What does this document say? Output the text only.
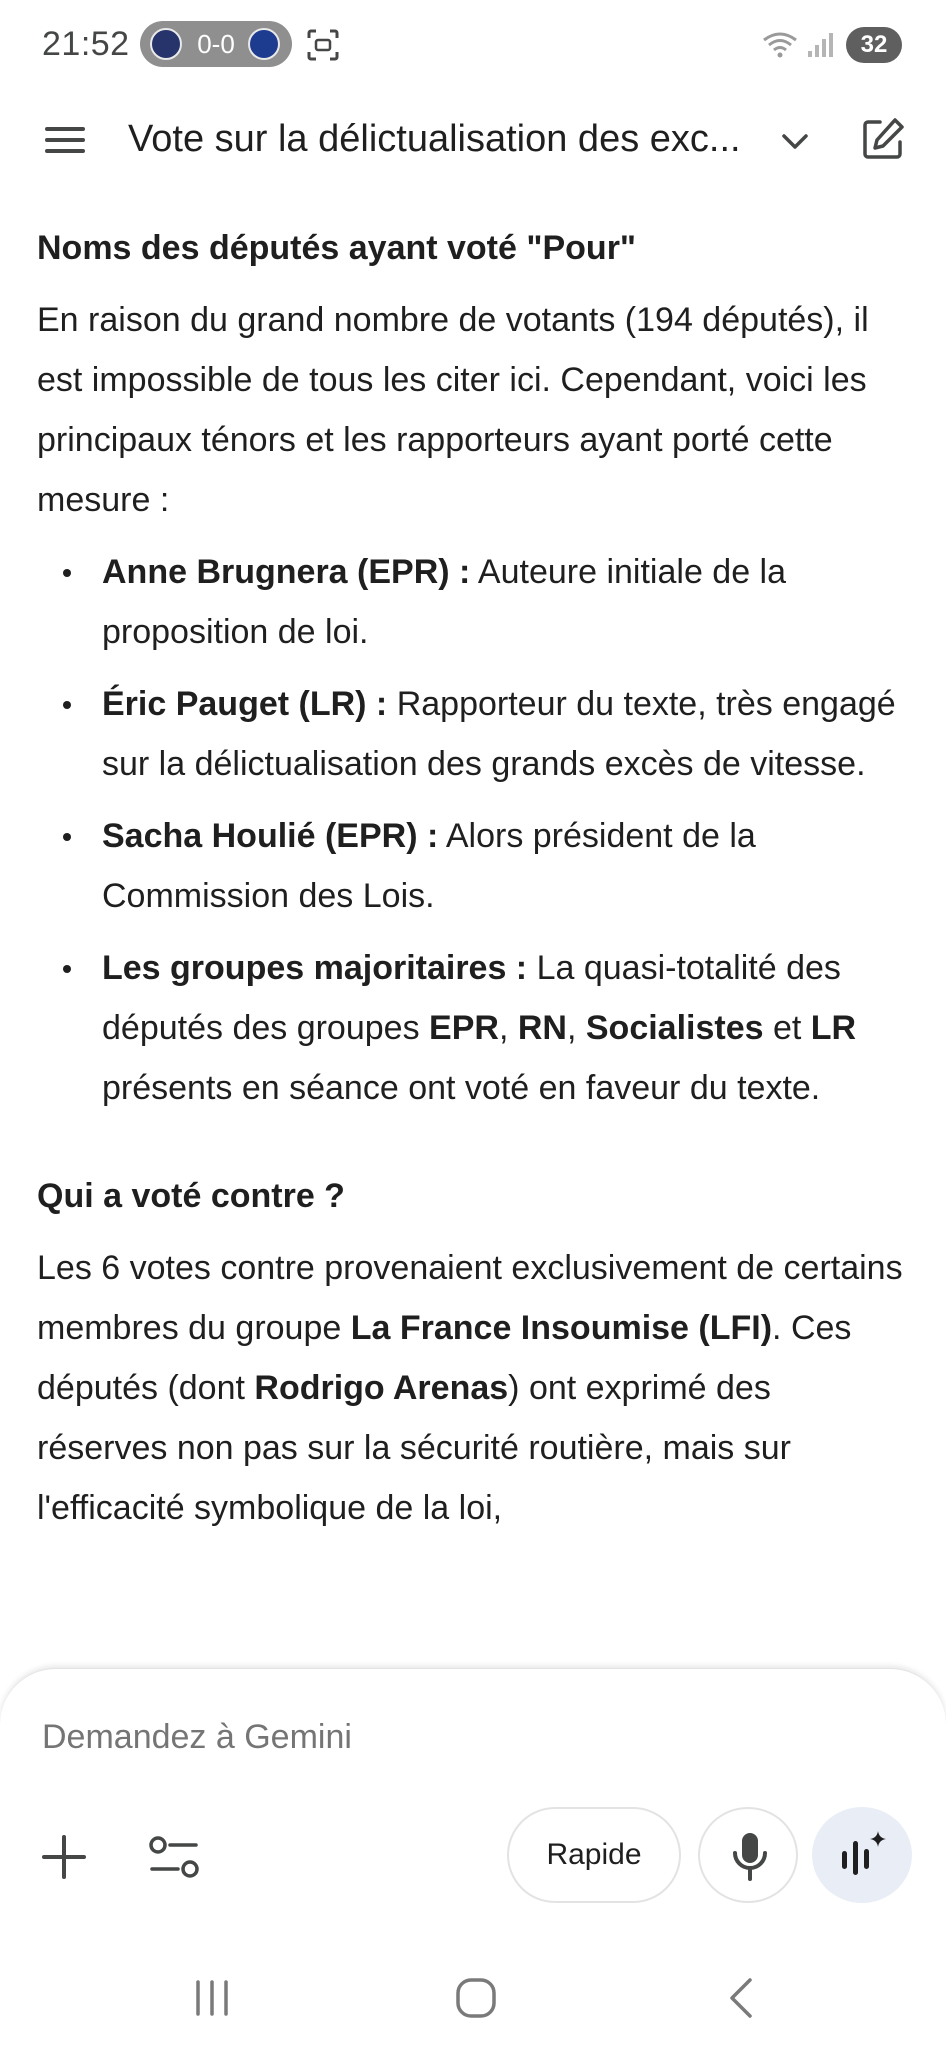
21:52	0-0	32
Vote sur la délictualisation des exc...

Noms des députés ayant voté "Pour"

En raison du grand nombre de votants (194 députés), il est impossible de tous les citer ici. Cependant, voici les principaux ténors et les rapporteurs ayant porté cette mesure :

Anne Brugnera (EPR) : Auteure initiale de la proposition de loi.
Éric Pauget (LR) : Rapporteur du texte, très engagé sur la délictualisation des grands excès de vitesse.
Sacha Houlié (EPR) : Alors président de la Commission des Lois.
Les groupes majoritaires : La quasi-totalité des députés des groupes EPR, RN, Socialistes et LR présents en séance ont voté en faveur du texte.

Qui a voté contre ?

Les 6 votes contre provenaient exclusivement de certains membres du groupe La France Insoumise (LFI). Ces députés (dont Rodrigo Arenas) ont exprimé des réserves non pas sur la sécurité routière, mais sur l'efficacité symbolique de la loi,

Demandez à Gemini
Rapide
